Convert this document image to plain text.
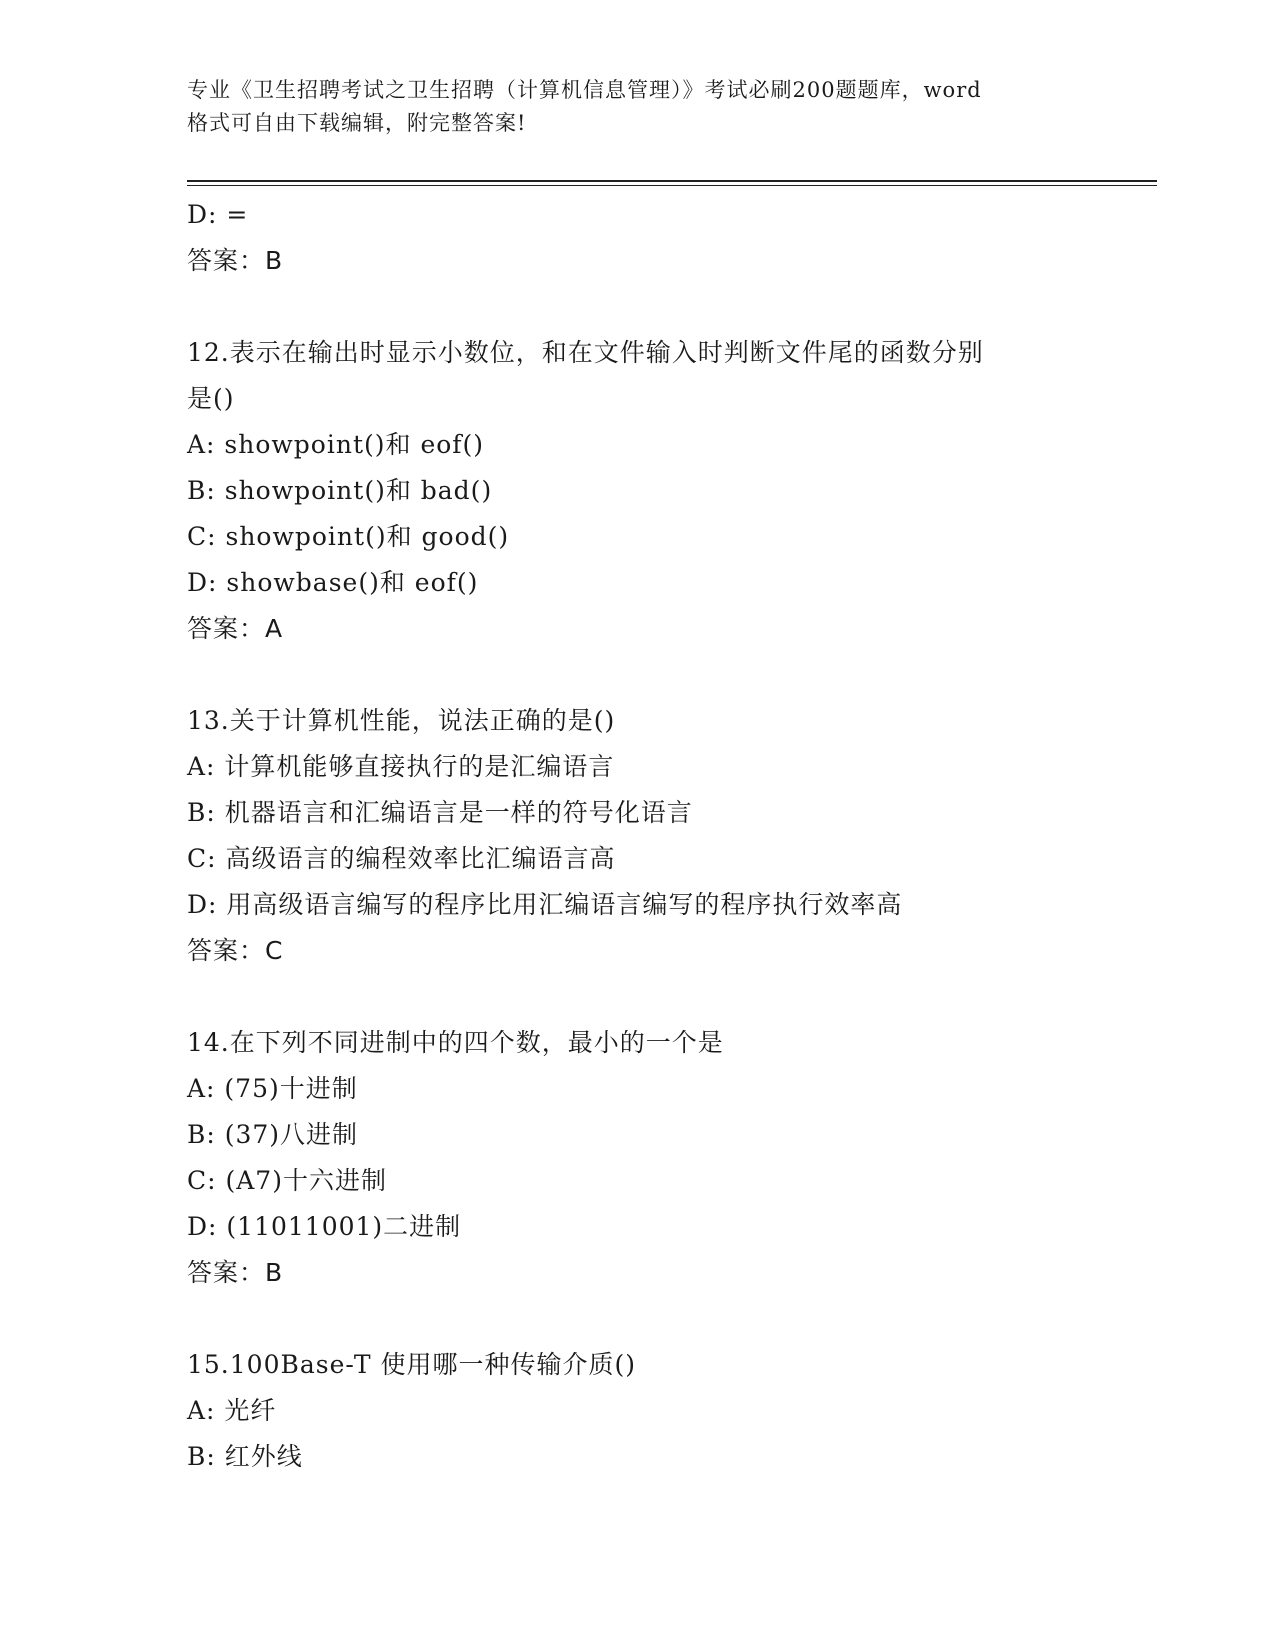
专业《卫生招聘考试之卫生招聘（计算机信息管理）》考试必刷200题题库，word
格式可自由下载编辑，附完整答案!
D: =
答案：B
12.表示在输出时显示小数位，和在文件输入时判断文件尾的函数分别
是()
A: showpoint()和 eof()
B: showpoint()和 bad()
C: showpoint()和 good()
D: showbase()和 eof()
答案：A
13.关于计算机性能，说法正确的是()
A: 计算机能够直接执行的是汇编语言
B: 机器语言和汇编语言是一样的符号化语言
C: 高级语言的编程效率比汇编语言高
D: 用高级语言编写的程序比用汇编语言编写的程序执行效率高
答案：C
14.在下列不同进制中的四个数，最小的一个是
A: (75)十进制
B: (37)八进制
C: (A7)十六进制
D: (11011001)二进制
答案：B
15.100Base-T 使用哪一种传输介质()
A: 光纤
B: 红外线
